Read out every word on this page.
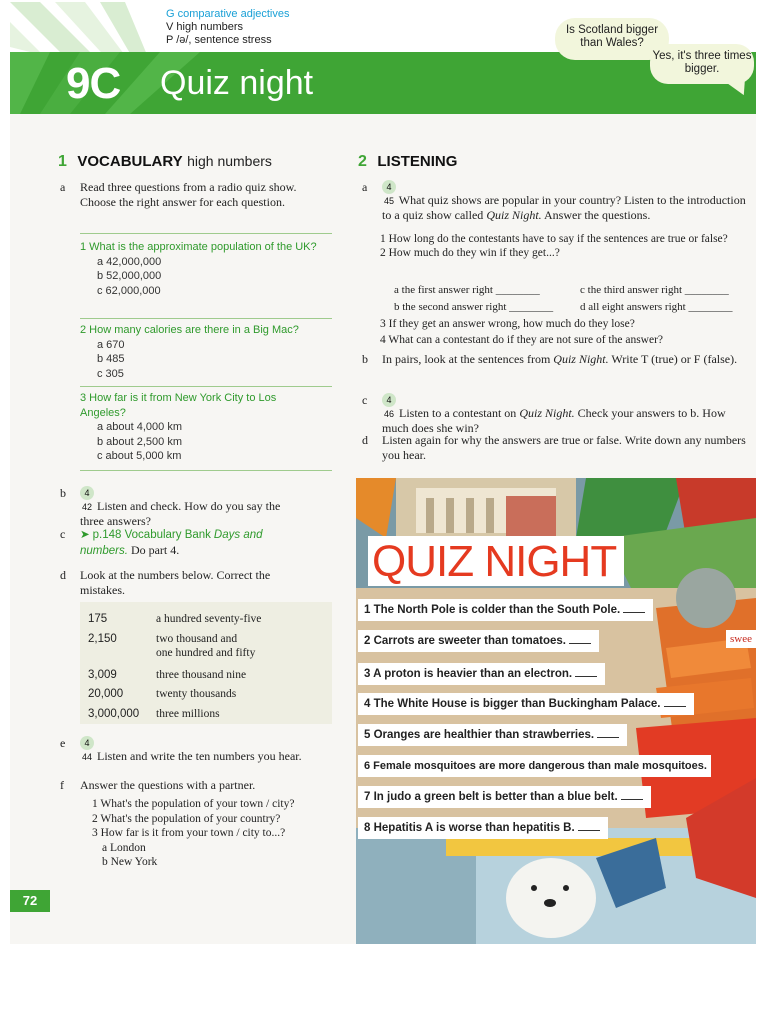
G comparative adjectives
V high numbers
P /ə/, sentence stress
9C Quiz night
Is Scotland bigger than Wales?
Yes, it's three times bigger.
1 VOCABULARY high numbers
a Read three questions from a radio quiz show. Choose the right answer for each question.
1 What is the approximate population of the UK?
a 42,000,000
b 52,000,000
c 62,000,000
2 How many calories are there in a Big Mac?
a 670
b 485
c 305
3 How far is it from New York City to Los Angeles?
a about 4,000 km
b about 2,500 km
c about 5,000 km
b	4 42 Listen and check. How do you say the three answers?
c ➤ p.148 Vocabulary Bank Days and numbers. Do part 4.
d Look at the numbers below. Correct the mistakes.
175	a hundred seventy-five
2,150	two thousand and
one hundred and fifty
3,009	three thousand nine
20,000	twenty thousands
3,000,000 three millions
e	4 44 Listen and write the ten numbers you hear.
f Answer the questions with a partner.
1 What's the population of your town / city?
2 What's the population of your country?
3 How far is it from your town / city to...?
a London
b New York
72
2 LISTENING
a	4 45 What quiz shows are popular in your country? Listen to the introduction to a quiz show called Quiz Night. Answer the questions.
1 How long do the contestants have to say if the sentences are true or false?
2 How much do they win if they get...?
a the first answer right ________
b the second answer right ________
c the third answer right ________
d all eight answers right ________
3 If they get an answer wrong, how much do they lose?
4 What can a contestant do if they are not sure of the answer?
b In pairs, look at the sentences from Quiz Night. Write T (true) or F (false).
c	4 46 Listen to a contestant on Quiz Night. Check your answers to b. How much does she win?
d Listen again for why the answers are true or false. Write down any numbers you hear.
QUIZ NIGHT
swee
1 The North Pole is colder than the South Pole.
2 Carrots are sweeter than tomatoes.
3 A proton is heavier than an electron.
4 The White House is bigger than Buckingham Palace.
5 Oranges are healthier than strawberries.
6 Female mosquitoes are more dangerous than male mosquitoes.
7 In judo a green belt is better than a blue belt.
8 Hepatitis A is worse than hepatitis B.
